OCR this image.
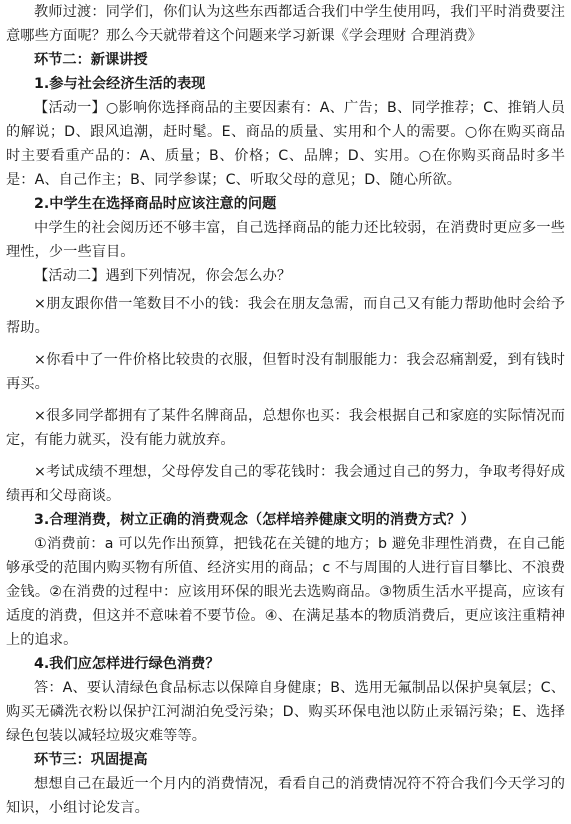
教师过渡：同学们，你们认为这些东西都适合我们中学生使用吗，我们平时消费要注意哪些方面呢？那么今天就带着这个问题来学习新课《学会理财 合理消费》

环节二：新课讲授

1.参与社会经济生活的表现

【活动一】○影响你选择商品的主要因素有：A、广告；B、同学推荐；C、推销人员的解说；D、跟风追潮，赶时髦。E、商品的质量、实用和个人的需要。○你在购买商品时主要看重产品的：A、质量；B、价格；C、品牌；D、实用。○在你购买商品时多半是：A、自己作主；B、同学参谋；C、听取父母的意见；D、随心所欲。

2.中学生在选择商品时应该注意的问题

中学生的社会阅历还不够丰富，自己选择商品的能力还比较弱，在消费时更应多一些理性，少一些盲目。

【活动二】遇到下列情况，你会怎么办？

×朋友跟你借一笔数目不小的钱：我会在朋友急需，而自己又有能力帮助他时会给予帮助。

×你看中了一件价格比较贵的衣服，但暂时没有制服能力：我会忍痛割爱，到有钱时再买。

×很多同学都拥有了某件名牌商品，总想你也买：我会根据自己和家庭的实际情况而定，有能力就买，没有能力就放弃。

×考试成绩不理想，父母停发自己的零花钱时：我会通过自己的努力，争取考得好成绩再和父母商谈。

3.合理消费，树立正确的消费观念（怎样培养健康文明的消费方式？）

①消费前：a 可以先作出预算，把钱花在关键的地方；b 避免非理性消费，在自己能够承受的范围内购买物有所值、经济实用的商品；c 不与周围的人进行盲目攀比、不浪费金钱。②在消费的过程中：应该用环保的眼光去选购商品。③物质生活水平提高，应该有适度的消费，但这并不意味着不要节俭。④、在满足基本的物质消费后，更应该注重精神上的追求。

4.我们应怎样进行绿色消费？

答：A、要认清绿色食品标志以保障自身健康；B、选用无氟制品以保护臭氧层；C、购买无磷洗衣粉以保护江河湖泊免受污染；D、购买环保电池以防止汞镉污染；E、选择绿色包装以减轻垃圾灾难等等。

环节三：巩固提高

想想自己在最近一个月内的消费情况，看看自己的消费情况符不符合我们今天学习的知识，小组讨论发言。
